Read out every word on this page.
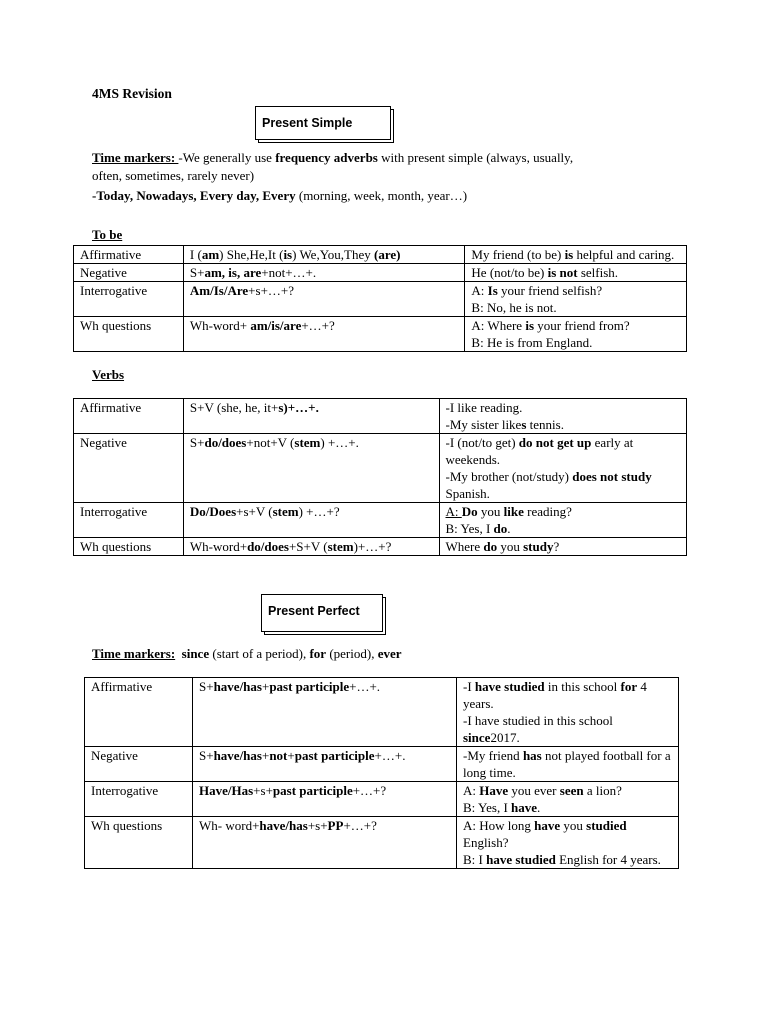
4MS Revision
Present Simple
Time markers: -We generally use frequency adverbs with present simple (always, usually,
often, sometimes, rarely never)
-Today, Nowadays, Every day, Every (morning, week, month, year…)
To be
Affirmative	I (am) She,He,It (is) We,You,They (are)	My friend (to be) is helpful and caring.
Negative	S+am, is, are+not+…+.	He (not/to be) is not selfish.
Interrogative	Am/Is/Are+s+…+?	A: Is your friend selfish?
B: No, he is not.
Wh questions	Wh-word+ am/is/are+…+?	A: Where is your friend from?
B: He is from England.
Verbs
Affirmative	S+V (she, he, it+s)+…+.	-I like reading.
-My sister likes tennis.
Negative	S+do/does+not+V (stem) +…+.	-I (not/to get) do not get up early at weekends.
-My brother (not/study) does not study Spanish.
Interrogative	Do/Does+s+V (stem) +…+?	A: Do you like reading?
B: Yes, I do.
Wh questions	Wh-word+do/does+S+V (stem)+…+?	Where do you study?
Present Perfect
Time markers: since (start of a period), for (period), ever
Affirmative	S+have/has+past participle+…+.	-I have studied in this school for 4 years.
-I have studied in this school since2017.
Negative	S+have/has+not+past participle+…+.	-My friend has not played football for a long time.
Interrogative	Have/Has+s+past participle+…+?	A: Have you ever seen a lion?
B: Yes, I have.
Wh questions	Wh- word+have/has+s+PP+…+?	A: How long have you studied English?
B: I have studied English for 4 years.
